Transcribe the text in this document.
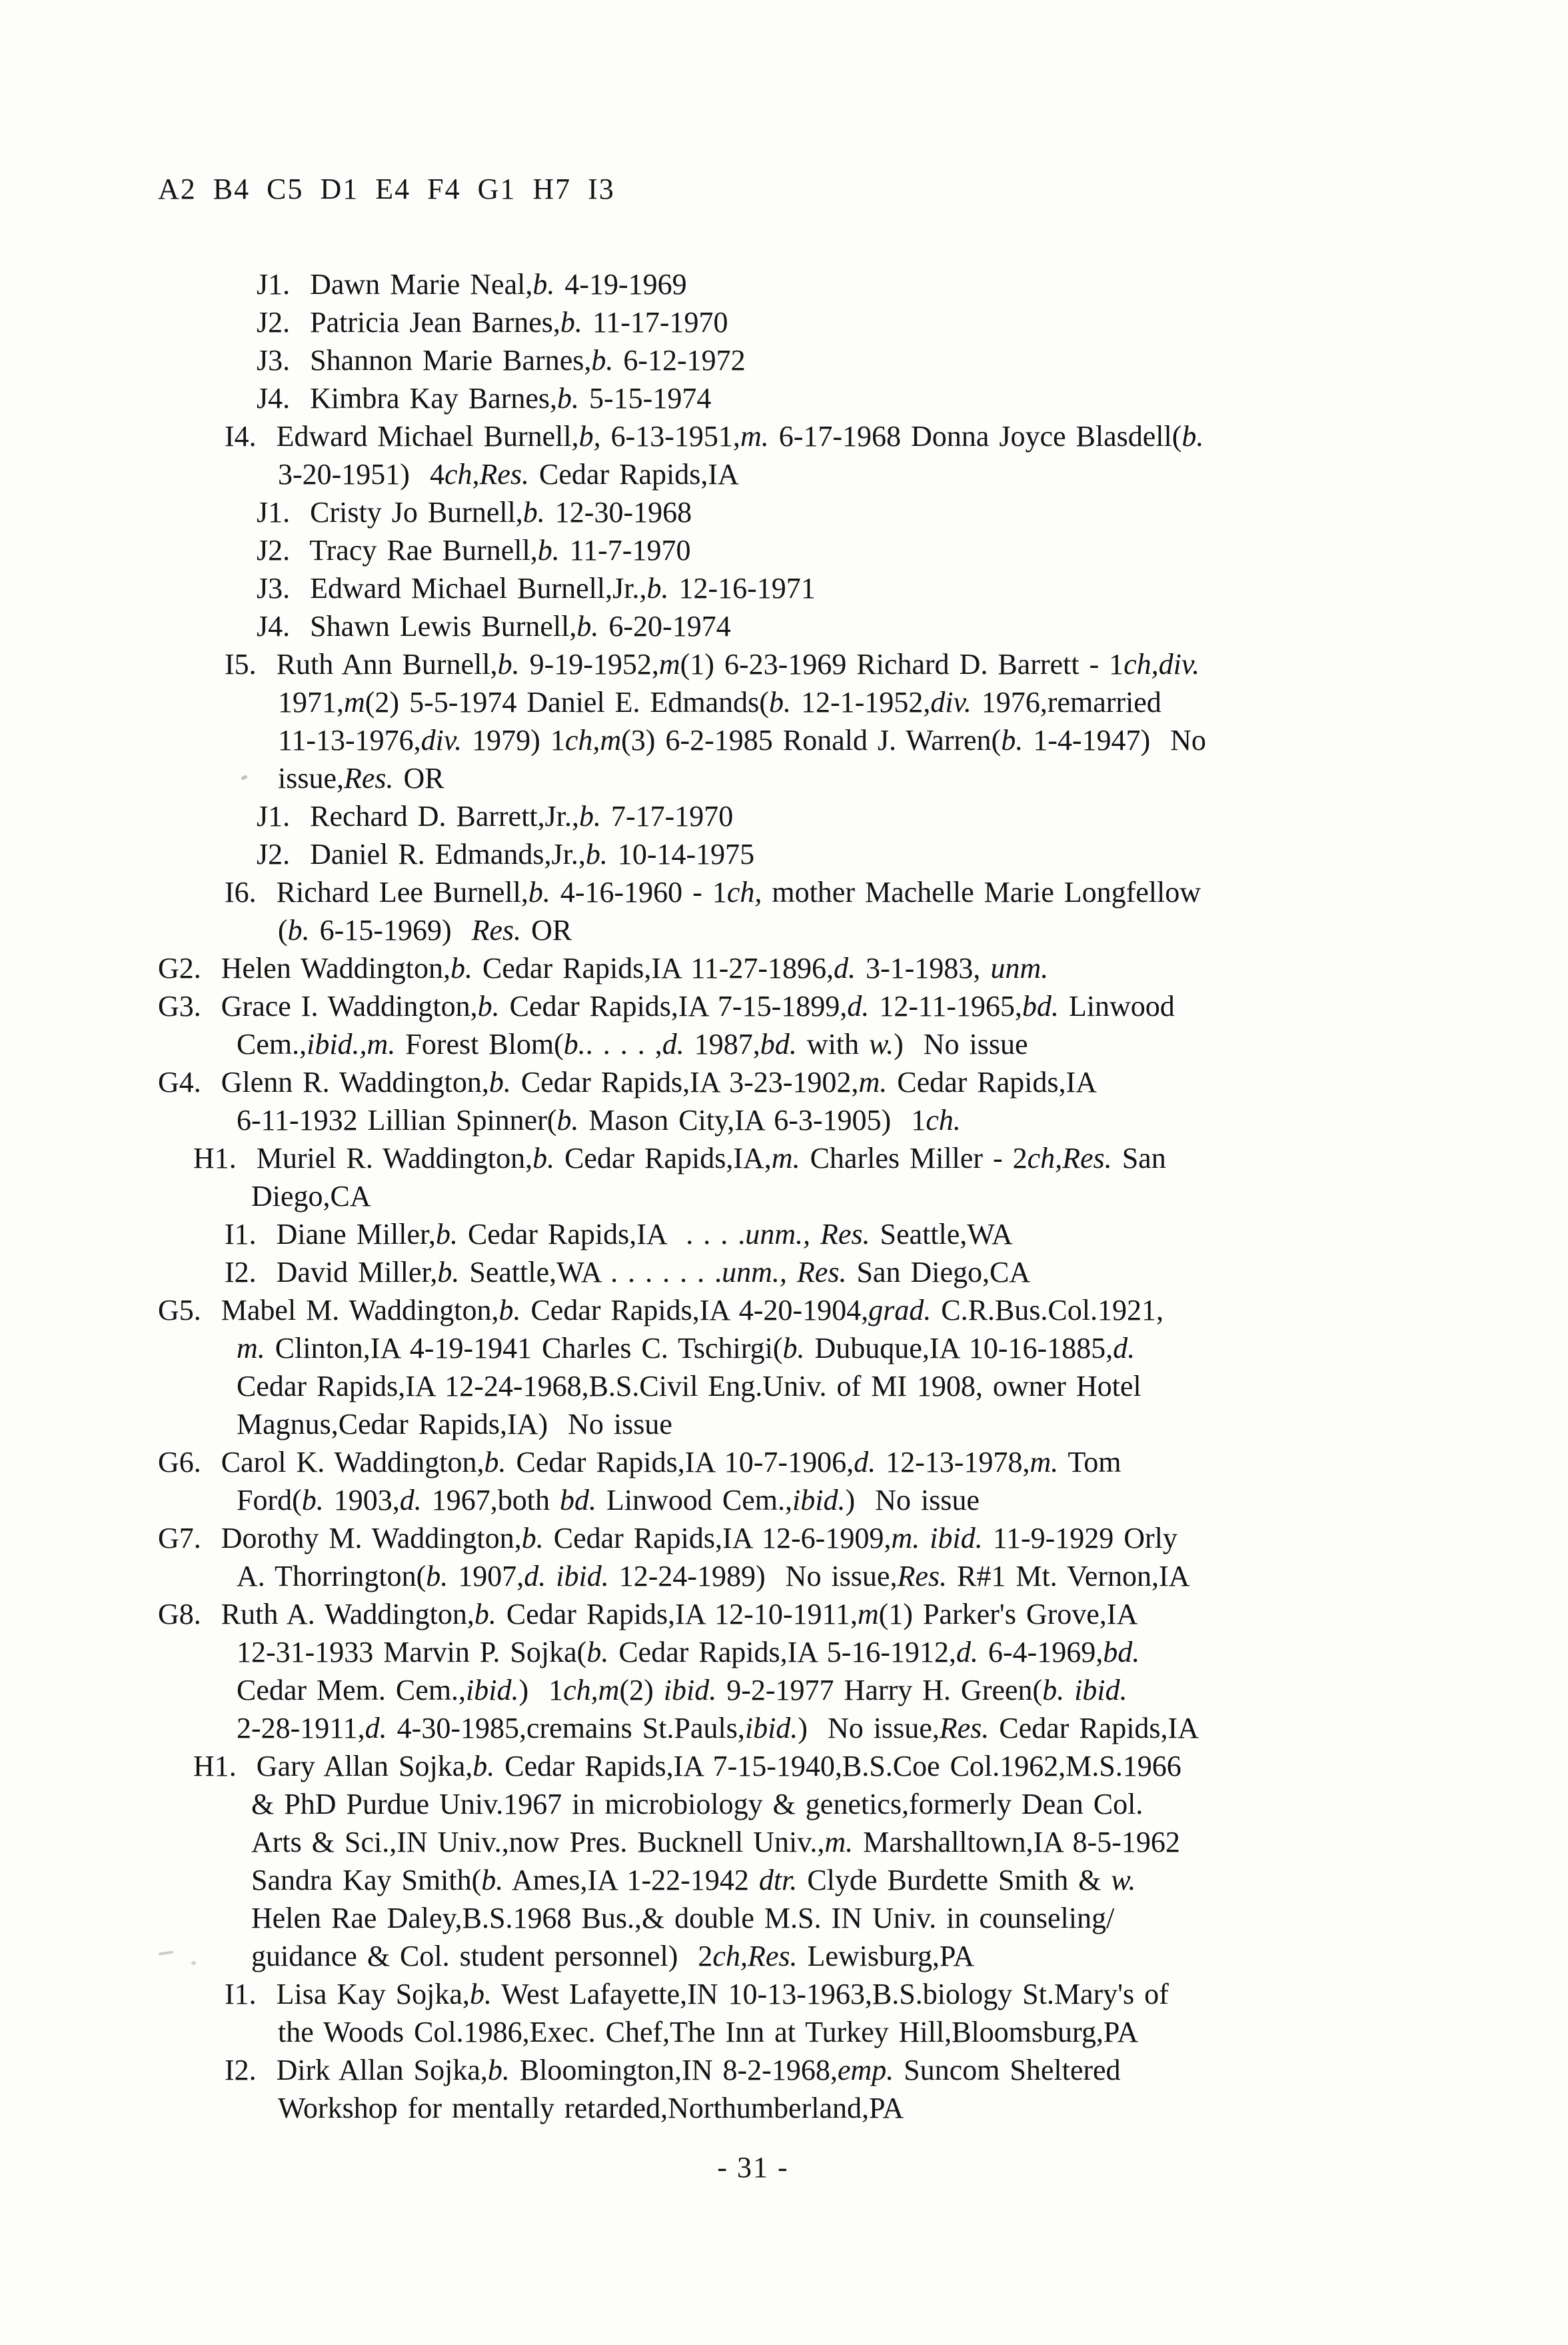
A2 B4 C5 D1 E4 F4 G1 H7 I3
J1.  Dawn Marie Neal,b. 4-19-1969
J2.  Patricia Jean Barnes,b. 11-17-1970
J3.  Shannon Marie Barnes,b. 6-12-1972
J4.  Kimbra Kay Barnes,b. 5-15-1974
I4.  Edward Michael Burnell,b, 6-13-1951,m. 6-17-1968 Donna Joyce Blasdell(b.
3-20-1951)  4ch,Res. Cedar Rapids,IA
J1.  Cristy Jo Burnell,b. 12-30-1968
J2.  Tracy Rae Burnell,b. 11-7-1970
J3.  Edward Michael Burnell,Jr.,b. 12-16-1971
J4.  Shawn Lewis Burnell,b. 6-20-1974
I5.  Ruth Ann Burnell,b. 9-19-1952,m(1) 6-23-1969 Richard D. Barrett - 1ch,div.
1971,m(2) 5-5-1974 Daniel E. Edmands(b. 12-1-1952,div. 1976,remarried
11-13-1976,div. 1979) 1ch,m(3) 6-2-1985 Ronald J. Warren(b. 1-4-1947)  No
issue,Res. OR
J1.  Rechard D. Barrett,Jr.,b. 7-17-1970
J2.  Daniel R. Edmands,Jr.,b. 10-14-1975
I6.  Richard Lee Burnell,b. 4-16-1960 - 1ch, mother Machelle Marie Longfellow
(b. 6-15-1969)  Res. OR
G2.  Helen Waddington,b. Cedar Rapids,IA 11-27-1896,d. 3-1-1983, unm.
G3.  Grace I. Waddington,b. Cedar Rapids,IA 7-15-1899,d. 12-11-1965,bd. Linwood
Cem.,ibid.,m. Forest Blom(b.. . . . ,d. 1987,bd. with w.)  No issue
G4.  Glenn R. Waddington,b. Cedar Rapids,IA 3-23-1902,m. Cedar Rapids,IA
6-11-1932 Lillian Spinner(b. Mason City,IA 6-3-1905)  1ch.
H1.  Muriel R. Waddington,b. Cedar Rapids,IA,m. Charles Miller - 2ch,Res. San
Diego,CA
I1.  Diane Miller,b. Cedar Rapids,IA  . . . .unm., Res. Seattle,WA
I2.  David Miller,b. Seattle,WA . . . . . . .unm., Res. San Diego,CA
G5.  Mabel M. Waddington,b. Cedar Rapids,IA 4-20-1904,grad. C.R.Bus.Col.1921,
m. Clinton,IA 4-19-1941 Charles C. Tschirgi(b. Dubuque,IA 10-16-1885,d.
Cedar Rapids,IA 12-24-1968,B.S.Civil Eng.Univ. of MI 1908, owner Hotel
Magnus,Cedar Rapids,IA)  No issue
G6.  Carol K. Waddington,b. Cedar Rapids,IA 10-7-1906,d. 12-13-1978,m. Tom
Ford(b. 1903,d. 1967,both bd. Linwood Cem.,ibid.)  No issue
G7.  Dorothy M. Waddington,b. Cedar Rapids,IA 12-6-1909,m. ibid. 11-9-1929 Orly
A. Thorrington(b. 1907,d. ibid. 12-24-1989)  No issue,Res. R#1 Mt. Vernon,IA
G8.  Ruth A. Waddington,b. Cedar Rapids,IA 12-10-1911,m(1) Parker's Grove,IA
12-31-1933 Marvin P. Sojka(b. Cedar Rapids,IA 5-16-1912,d. 6-4-1969,bd.
Cedar Mem. Cem.,ibid.)  1ch,m(2) ibid. 9-2-1977 Harry H. Green(b. ibid.
2-28-1911,d. 4-30-1985,cremains St.Pauls,ibid.)  No issue,Res. Cedar Rapids,IA
H1.  Gary Allan Sojka,b. Cedar Rapids,IA 7-15-1940,B.S.Coe Col.1962,M.S.1966
& PhD Purdue Univ.1967 in microbiology & genetics,formerly Dean Col.
Arts & Sci.,IN Univ.,now Pres. Bucknell Univ.,m. Marshalltown,IA 8-5-1962
Sandra Kay Smith(b. Ames,IA 1-22-1942 dtr. Clyde Burdette Smith & w.
Helen Rae Daley,B.S.1968 Bus.,& double M.S. IN Univ. in counseling/
guidance & Col. student personnel)  2ch,Res. Lewisburg,PA
I1.  Lisa Kay Sojka,b. West Lafayette,IN 10-13-1963,B.S.biology St.Mary's of
the Woods Col.1986,Exec. Chef,The Inn at Turkey Hill,Bloomsburg,PA
I2.  Dirk Allan Sojka,b. Bloomington,IN 8-2-1968,emp. Suncom Sheltered
Workshop for mentally retarded,Northumberland,PA
- 31 -
